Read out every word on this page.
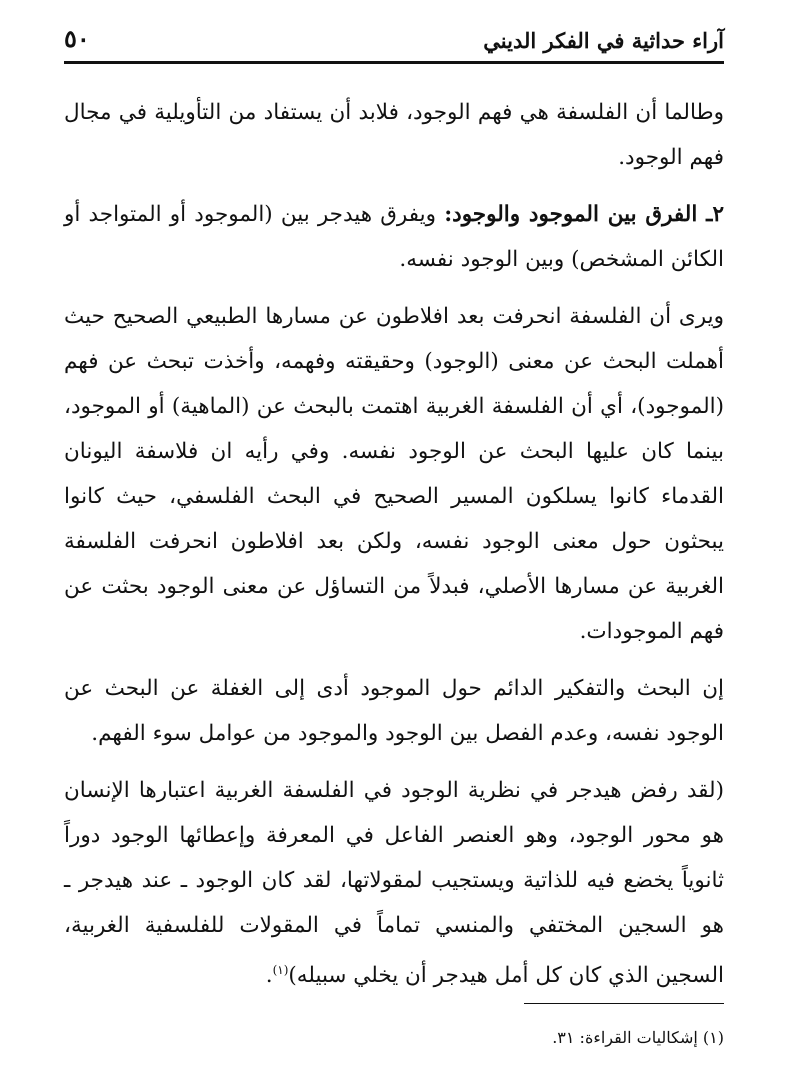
آراء حداثية في الفكر الديني
٥٠

وطالما أن الفلسفة هي فهم الوجود، فلابد أن يستفاد من التأويلية في مجال فهم الوجود.

٢ـ الفرق بين الموجود والوجود: ويفرق هيدجر بين (الموجود أو المتواجد أو الكائن المشخص) وبين الوجود نفسه.

ويرى أن الفلسفة انحرفت بعد افلاطون عن مسارها الطبيعي الصحيح حيث أهملت البحث عن معنى (الوجود) وحقيقته وفهمه، وأخذت تبحث عن فهم (الموجود)، أي أن الفلسفة الغربية اهتمت بالبحث عن (الماهية) أو الموجود، بينما كان عليها البحث عن الوجود نفسه. وفي رأيه ان فلاسفة اليونان القدماء كانوا يسلكون المسير الصحيح في البحث الفلسفي، حيث كانوا يبحثون حول معنى الوجود نفسه، ولكن بعد افلاطون انحرفت الفلسفة الغربية عن مسارها الأصلي، فبدلاً من التساؤل عن معنى الوجود بحثت عن فهم الموجودات.

إن البحث والتفكير الدائم حول الموجود أدى إلى الغفلة عن البحث عن الوجود نفسه، وعدم الفصل بين الوجود والموجود من عوامل سوء الفهم.

(لقد رفض هيدجر في نظرية الوجود في الفلسفة الغربية اعتبارها الإنسان هو محور الوجود، وهو العنصر الفاعل في المعرفة وإعطائها الوجود دوراً ثانوياً يخضع فيه للذاتية ويستجيب لمقولاتها، لقد كان الوجود ـ عند هيدجر ـ هو السجين المختفي والمنسي تماماً في المقولات للفلسفية الغربية، السجين الذي كان كل أمل هيدجر أن يخلي سبيله)$^{(١)}$.

(١) إشكاليات القراءة: ٣١.
